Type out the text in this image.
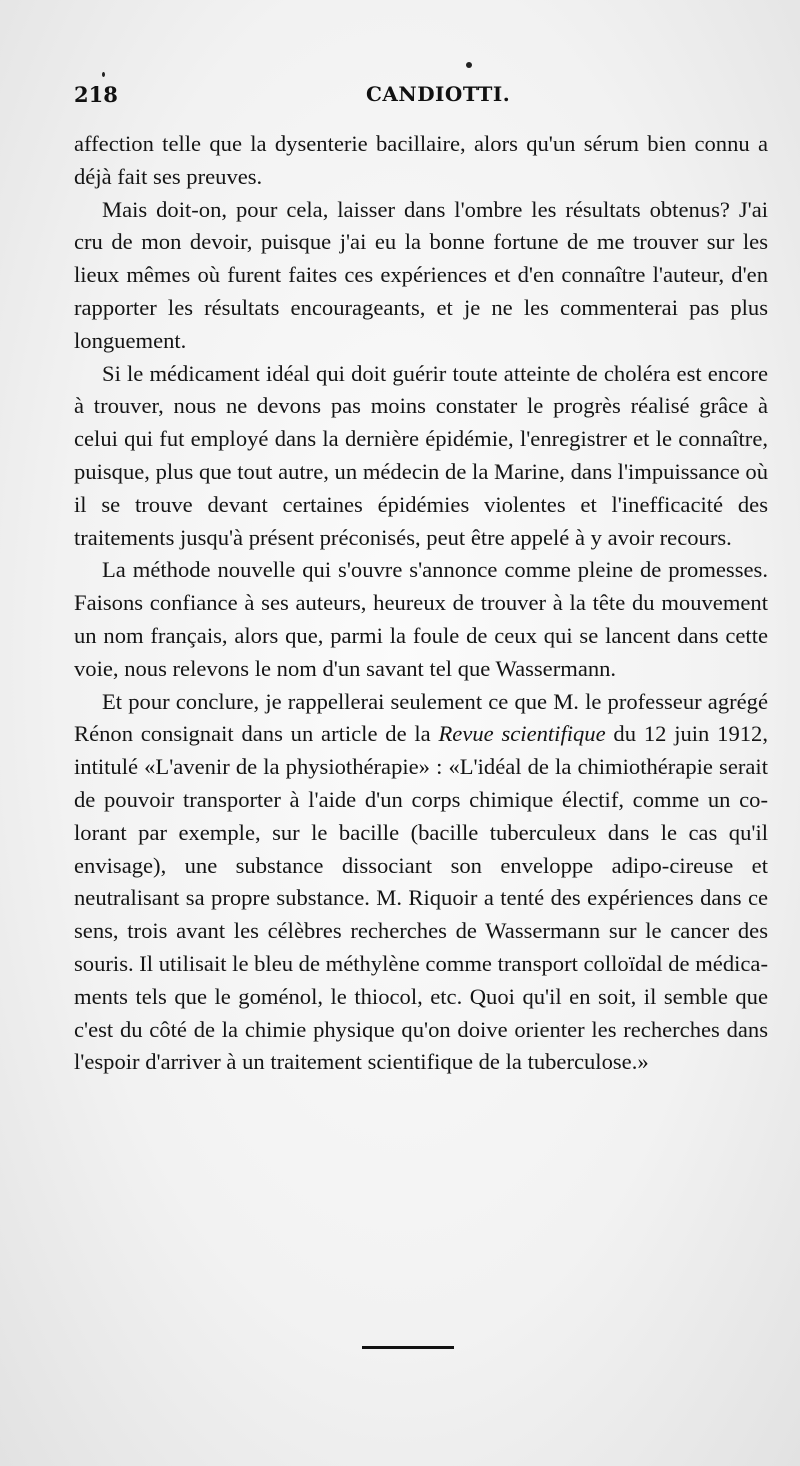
218	CANDIOTTI.

affection telle que la dysenterie bacillaire, alors qu'un sérum bien connu a déjà fait ses preuves.

Mais doit-on, pour cela, laisser dans l'ombre les résultats obtenus? J'ai cru de mon devoir, puisque j'ai eu la bonne fortune de me trouver sur les lieux mêmes où furent faites ces expériences et d'en connaître l'auteur, d'en rapporter les résultats encourageants, et je ne les commenterai pas plus longuement.

Si le médicament idéal qui doit guérir toute atteinte de choléra est encore à trouver, nous ne devons pas moins constater le progrès réalisé grâce à celui qui fut employé dans la dernière épidémie, l'enregistrer et le connaître, puisque, plus que tout autre, un médecin de la Marine, dans l'impuissance où il se trouve devant certaines épidémies violentes et l'inefficacité des traitements jusqu'à présent préconisés, peut être appelé à y avoir recours.

La méthode nouvelle qui s'ouvre s'annonce comme pleine de promesses. Faisons confiance à ses auteurs, heureux de trouver à la tête du mouvement un nom français, alors que, parmi la foule de ceux qui se lancent dans cette voie, nous relevons le nom d'un savant tel que Wassermann.

Et pour conclure, je rappellerai seulement ce que M. le professeur agrégé Rénon consignait dans un article de la Revue scientifique du 12 juin 1912, intitulé «L'avenir de la physiothérapie» : «L'idéal de la chimiothérapie serait de pouvoir transporter à l'aide d'un corps chimique électif, comme un colorant par exemple, sur le bacille (bacille tuberculeux dans le cas qu'il envisage), une substance dissociant son enveloppe adipo-cireuse et neutralisant sa propre substance. M. Riquoir a tenté des expériences dans ce sens, trois avant les célèbres recherches de Wassermann sur le cancer des souris. Il utilisait le bleu de méthylène comme transport colloïdal de médicaments tels que le goménol, le thiocol, etc. Quoi qu'il en soit, il semble que c'est du côté de la chimie physique qu'on doive orienter les recherches dans l'espoir d'arriver à un traitement scientifique de la tuberculose.»
